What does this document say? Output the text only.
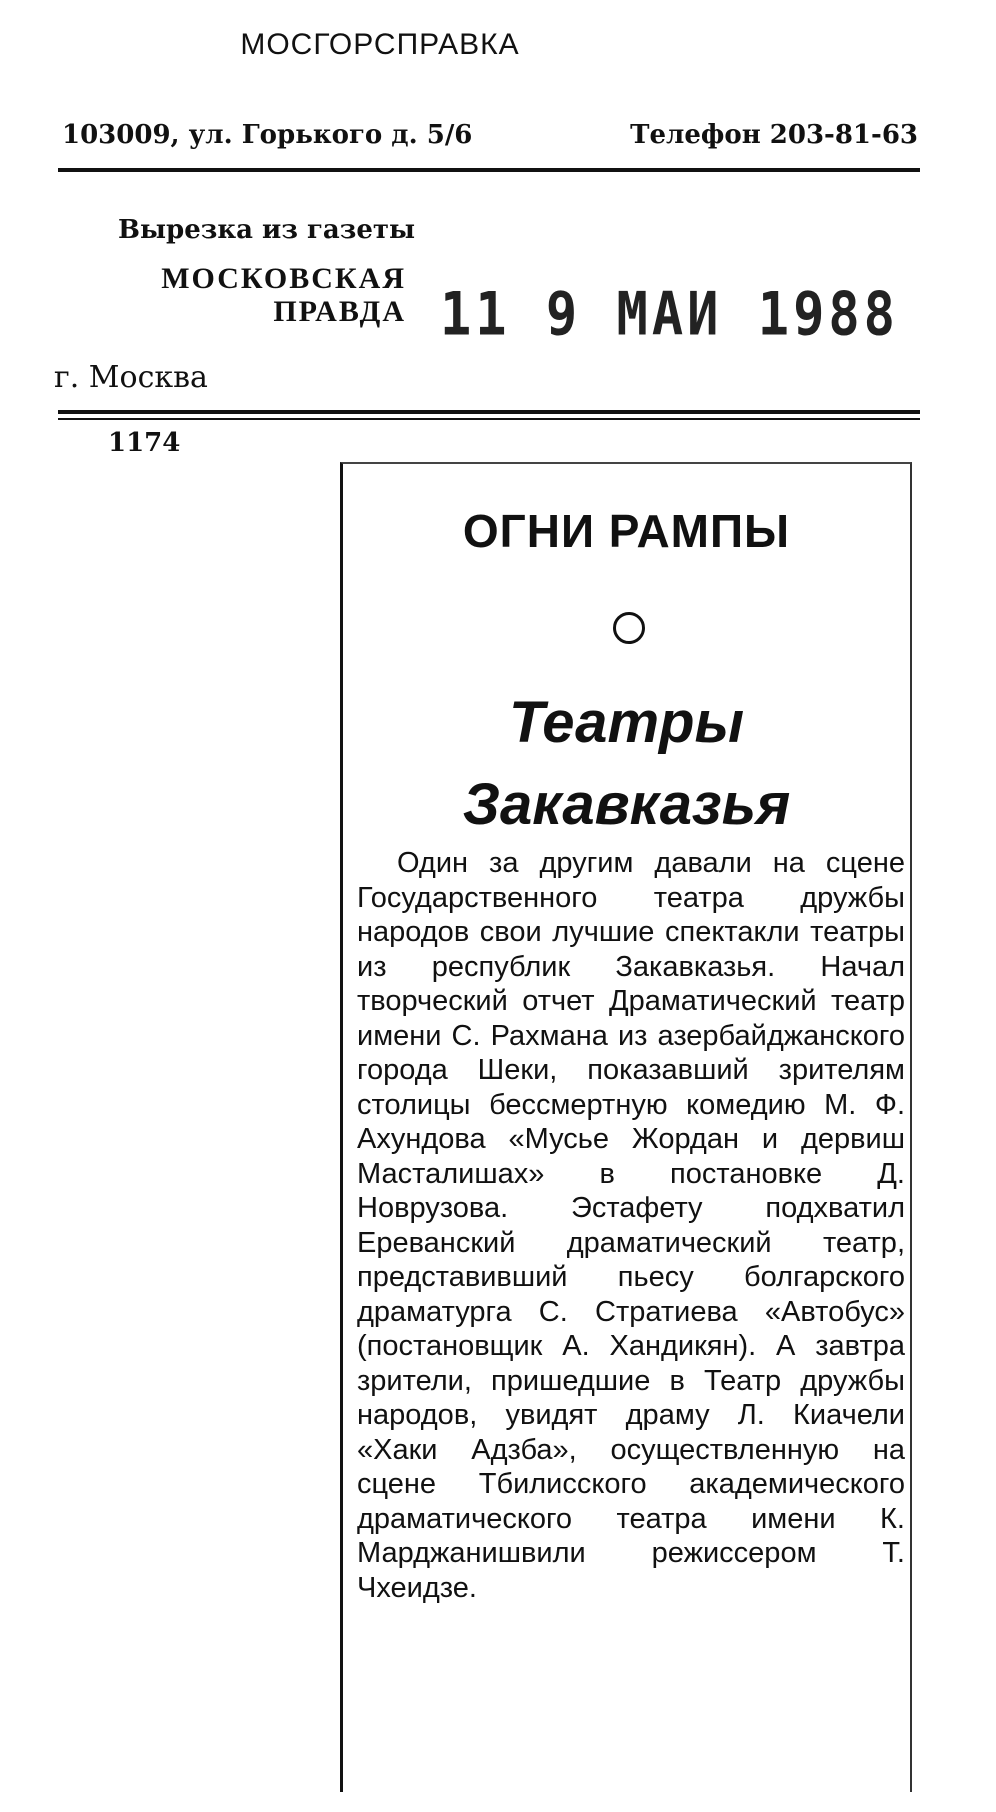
МОСГОРСПРАВКА
103009, ул. Горького д. 5/6	Телефон 203-81-63
Вырезка из газеты
МОСКОВСКАЯ
ПРАВДА 11 9 МАИ 1988
г. Москва
1174
ОГНИ РАМПЫ
Театры
Закавказья
Один за другим давали на сцене Государственного театра дружбы народов свои лучшие спектакли театры из республик Закавказья. Начал творческий отчет Драматический театр имени С. Рахмана из азербайджанского города Шеки, показавший зрителям столицы бессмертную комедию М. Ф. Ахундова «Мусье Жордан и дервиш Масталишах» в постановке Д. Новрузова. Эстафету подхватил Ереванский драматический театр, представивший пьесу болгарского драматурга С. Стратиева «Автобус» (постановщик А. Хандикян). А завтра зрители, пришедшие в Театр дружбы народов, увидят драму Л. Киачели «Хаки Адзба», осуществленную на сцене Тбилисского академического драматического театра имени К. Марджанишвили режиссером Т. Чхеидзе.
